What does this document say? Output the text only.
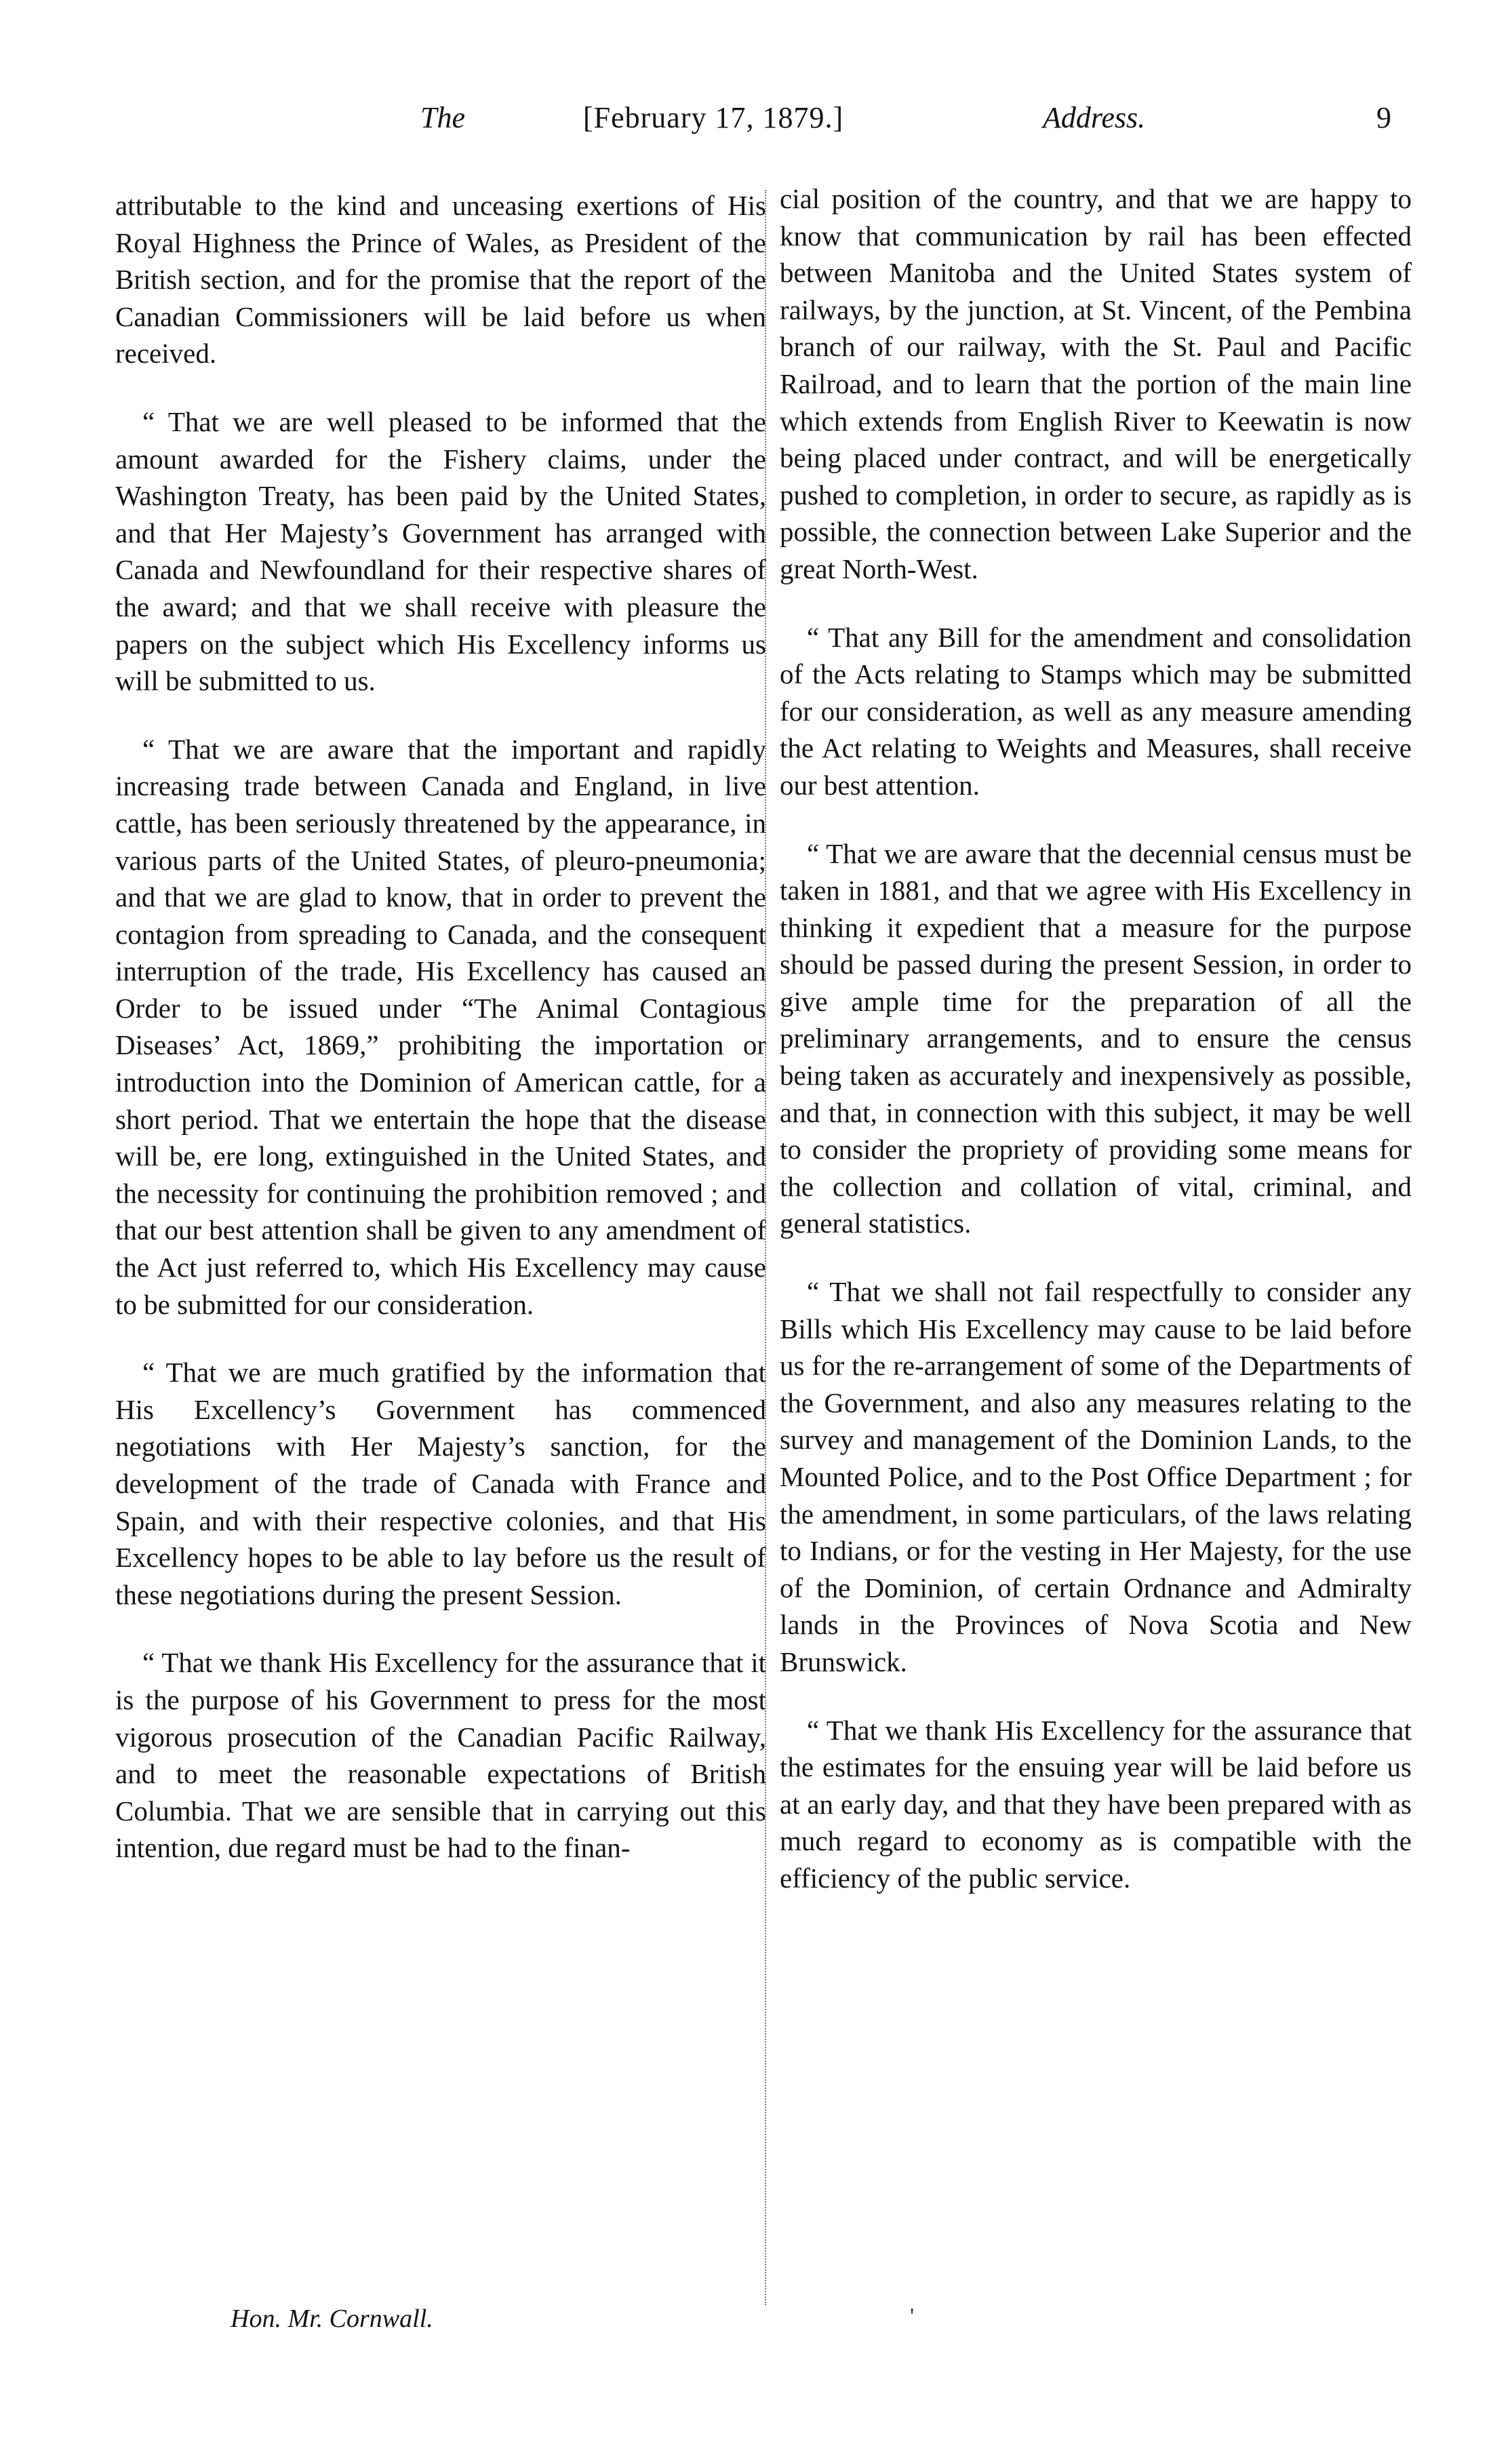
The	[February 17, 1879.]	Address.	9

attributable to the kind and unceasing exertions of His Royal Highness the Prince of Wales, as President of the British section, and for the promise that the report of the Canadian Commissioners will be laid before us when received.

“ That we are well pleased to be informed that the amount awarded for the Fishery claims, under the Washington Treaty, has been paid by the United States, and that Her Majesty’s Government has arranged with Canada and Newfoundland for their respective shares of the award; and that we shall receive with pleasure the papers on the subject which His Excellency informs us will be submitted to us.

“ That we are aware that the important and rapidly increasing trade between Canada and England, in live cattle, has been seriously threatened by the appearance, in various parts of the United States, of pleuro-pneumonia; and that we are glad to know, that in order to prevent the contagion from spreading to Canada, and the consequent interruption of the trade, His Excellency has caused an Order to be issued under “The Animal Contagious Diseases’ Act, 1869,” prohibiting the importation or introduction into the Dominion of American cattle, for a short period. That we entertain the hope that the disease will be, ere long, extinguished in the United States, and the necessity for continuing the prohibition removed ; and that our best attention shall be given to any amendment of the Act just referred to, which His Excellency may cause to be submitted for our consideration.

“ That we are much gratified by the information that His Excellency’s Government has commenced negotiations with Her Majesty’s sanction, for the development of the trade of Canada with France and Spain, and with their respective colonies, and that His Excellency hopes to be able to lay before us the result of these negotiations during the present Session.

“ That we thank His Excellency for the assurance that it is the purpose of his Government to press for the most vigorous prosecution of the Canadian Pacific Railway, and to meet the reasonable expectations of British Columbia. That we are sensible that in carrying out this intention, due regard must be had to the finan-

cial position of the country, and that we are happy to know that communication by rail has been effected between Manitoba and the United States system of railways, by the junction, at St. Vincent, of the Pembina branch of our railway, with the St. Paul and Pacific Railroad, and to learn that the portion of the main line which extends from English River to Keewatin is now being placed under contract, and will be energetically pushed to completion, in order to secure, as rapidly as is possible, the connection between Lake Superior and the great North-West.

“ That any Bill for the amendment and consolidation of the Acts relating to Stamps which may be submitted for our consideration, as well as any measure amending the Act relating to Weights and Measures, shall receive our best attention.

“ That we are aware that the decennial census must be taken in 1881, and that we agree with His Excellency in thinking it expedient that a measure for the purpose should be passed during the present Session, in order to give ample time for the preparation of all the preliminary arrangements, and to ensure the census being taken as accurately and inexpensively as possible, and that, in connection with this subject, it may be well to consider the propriety of providing some means for the collection and collation of vital, criminal, and general statistics.

“ That we shall not fail respectfully to consider any Bills which His Excellency may cause to be laid before us for the re-arrangement of some of the Departments of the Government, and also any measures relating to the survey and management of the Dominion Lands, to the Mounted Police, and to the Post Office Department ; for the amendment, in some particulars, of the laws relating to Indians, or for the vesting in Her Majesty, for the use of the Dominion, of certain Ordnance and Admiralty lands in the Provinces of Nova Scotia and New Brunswick.

“ That we thank His Excellency for the assurance that the estimates for the ensuing year will be laid before us at an early day, and that they have been prepared with as much regard to economy as is compatible with the efficiency of the public service.

Hon. Mr. Cornwall.	'
